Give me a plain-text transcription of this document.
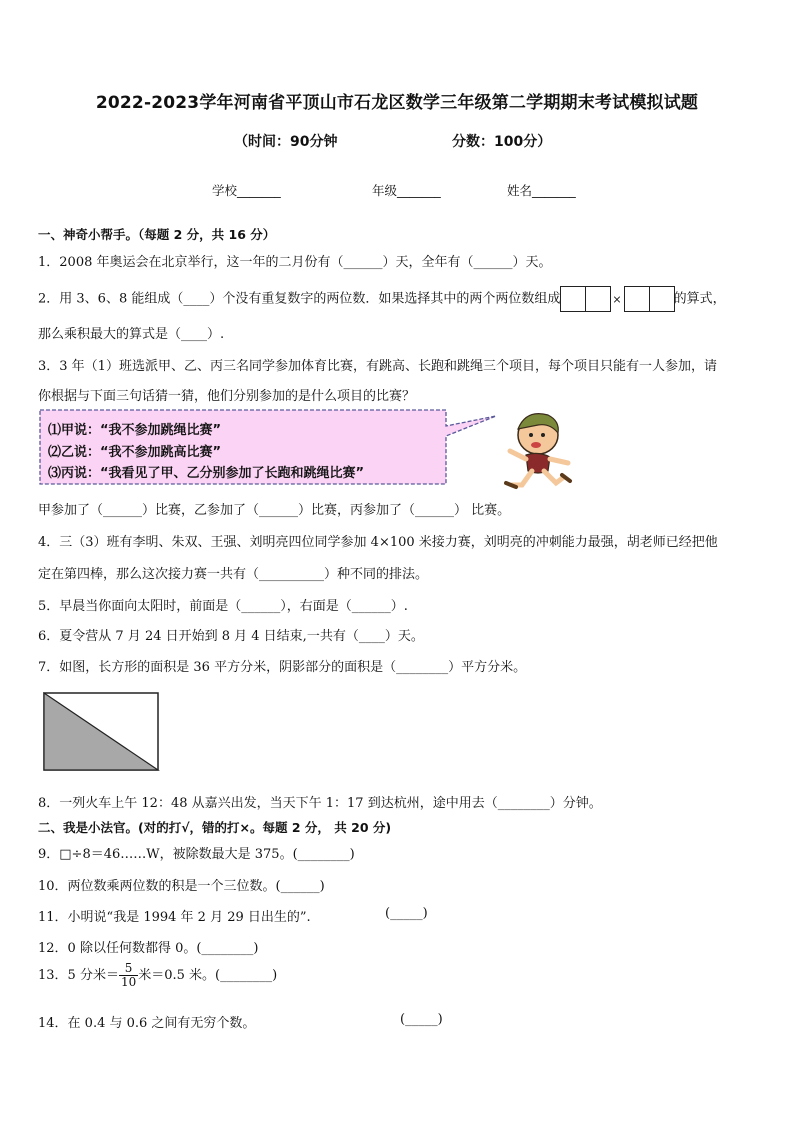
2022-2023学年河南省平顶山市石龙区数学三年级第二学期期末考试模拟试题
（时间：90分钟	分数：100分）
学校_______	年级_______	姓名_______
一、神奇小帮手。（每题 2 分，共 16 分）
1．2008 年奥运会在北京举行，这一年的二月份有（______）天，全年有（______）天。
2．用 3、6、8 能组成（____）个没有重复数字的两位数．如果选择其中的两个两位数组成	×	的算式，
那么乘积最大的算式是（____）.
3．3 年（1）班选派甲、乙、丙三名同学参加体育比赛，有跳高、长跑和跳绳三个项目，每个项目只能有一人参加，请
你根据与下面三句话猜一猜，他们分别参加的是什么项目的比赛？
⑴甲说：“我不参加跳绳比赛”
⑵乙说：“我不参加跳高比赛”
⑶丙说：“我看见了甲、乙分别参加了长跑和跳绳比赛”
甲参加了（______）比赛，乙参加了（______）比赛，丙参加了（______） 比赛。
4．三（3）班有李明、朱双、王强、刘明亮四位同学参加 4×100 米接力赛，刘明亮的冲刺能力最强，胡老师已经把他
定在第四棒，那么这次接力赛一共有（__________）种不同的排法。
5．早晨当你面向太阳时，前面是（______），右面是（______）.
6．夏令营从 7 月 24 日开始到 8 月 4 日结束,一共有（____）天。
7．如图，长方形的面积是 36 平方分米，阴影部分的面积是（________）平方分米。
8．一列火车上午 12：48 从嘉兴出发，当天下午 1：17 到达杭州，途中用去（________）分钟。
二、我是小法官。(对的打√，错的打×。每题 2 分， 共 20 分)
9．□÷8＝46……W，被除数最大是 375。(________)
10．两位数乘两位数的积是一个三位数。(______)
11．小明说“我是 1994 年 2 月 29 日出生的”.	(_____)
12．0 除以任何数都得 0。(________)
13．5 分米＝ $\frac{5}{10}$ 米＝0.5 米。(________)
14．在 0.4 与 0.6 之间有无穷个数。	(_____)
